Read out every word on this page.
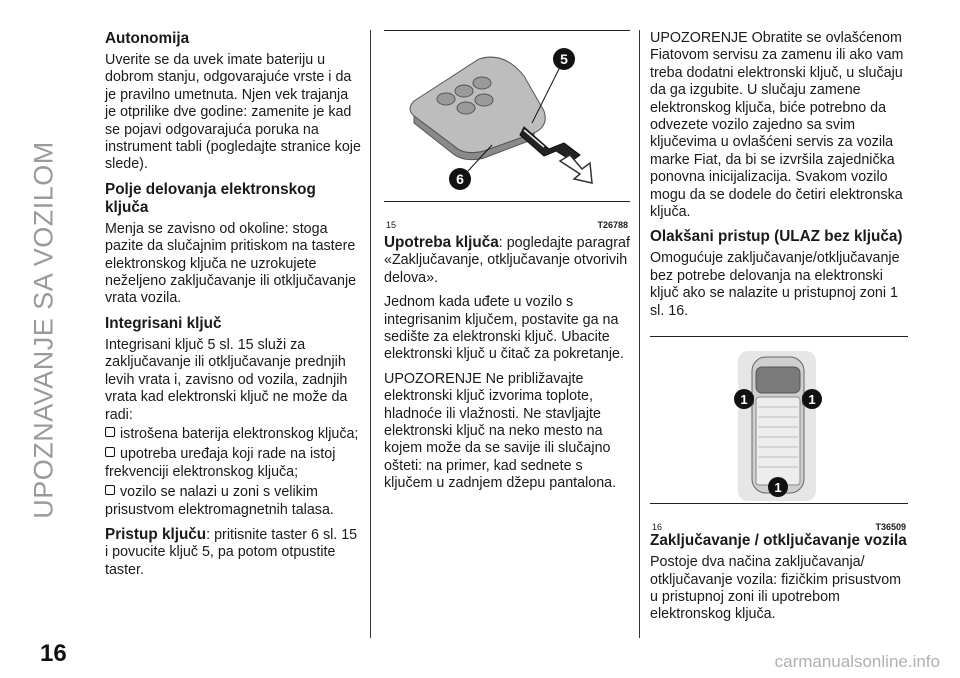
UPOZNAVANJE SA VOZILOM
16	carmanualsonline.info
Autonomija

Uverite se da uvek imate bateriju u dobrom stanju, odgovarajuće vrste i da je pravilno umetnuta. Njen vek trajanja je otprilike dve godine: zamenite je kad se pojavi odgovarajuća poruka na instrument tabli (pogledajte stranice koje slede).

Polje delovanja elektronskog ključa

Menja se zavisno od okoline: stoga pazite da slučajnim pritiskom na tastere elektronskog ključa ne uzrokujete neželjeno zaključavanje ili otključavanje vrata vozila.

Integrisani ključ

Integrisani ključ 5 sl. 15 služi za zaključavanje ili otključavanje prednjih levih vrata i, zavisno od vozila, zadnjih vrata kad elektronski ključ ne može da radi:

istrošena baterija elektronskog ključa;
upotreba uređaja koji rade na istoj frekvenciji elektronskog ključa;
vozilo se nalazi u zoni s velikim prisustvom elektromagnetnih talasa.

Pristup ključu: pritisnite taster 6 sl. 15 i povucite ključ 5, pa potom otpustite taster.

5
6
15	T26788

Upotreba ključa: pogledajte paragraf «Zaključavanje, otključavanje otvorivih delova».

Jednom kada uđete u vozilo s integrisanim ključem, postavite ga na sedište za elektronski ključ. Ubacite elektronski ključ u čitač za pokretanje.

UPOZORENJE Ne približavajte elektronski ključ izvorima toplote, hladnoće ili vlažnosti. Ne stavljajte elektronski ključ na neko mesto na kojem može da se savije ili slučajno ošteti: na primer, kad sednete s ključem u zadnjem džepu pantalona.

UPOZORENJE Obratite se ovlašćenom Fiatovom servisu za zamenu ili ako vam treba dodatni elektronski ključ, u slučaju da ga izgubite. U slučaju zamene elektronskog ključa, biće potrebno da odvezete vozilo zajedno sa svim ključevima u ovlašćeni servis za vozila marke Fiat, da bi se izvršila zajednička ponovna inicijalizacija. Svakom vozilo mogu da se dodele do četiri elektronska ključa.

Olakšani pristup (ULAZ bez ključa)

Omogućuje zaključavanje/otključavanje bez potrebe delovanja na elektronski ključ ako se nalazite u pristupnoj zoni 1 sl. 16.

1	1
1
16	T36509
Zaključavanje / otključavanje vozila

Postoje dva načina zaključavanja/ otključavanje vozila: fizičkim prisustvom u pristupnoj zoni ili upotrebom elektronskog ključa.
